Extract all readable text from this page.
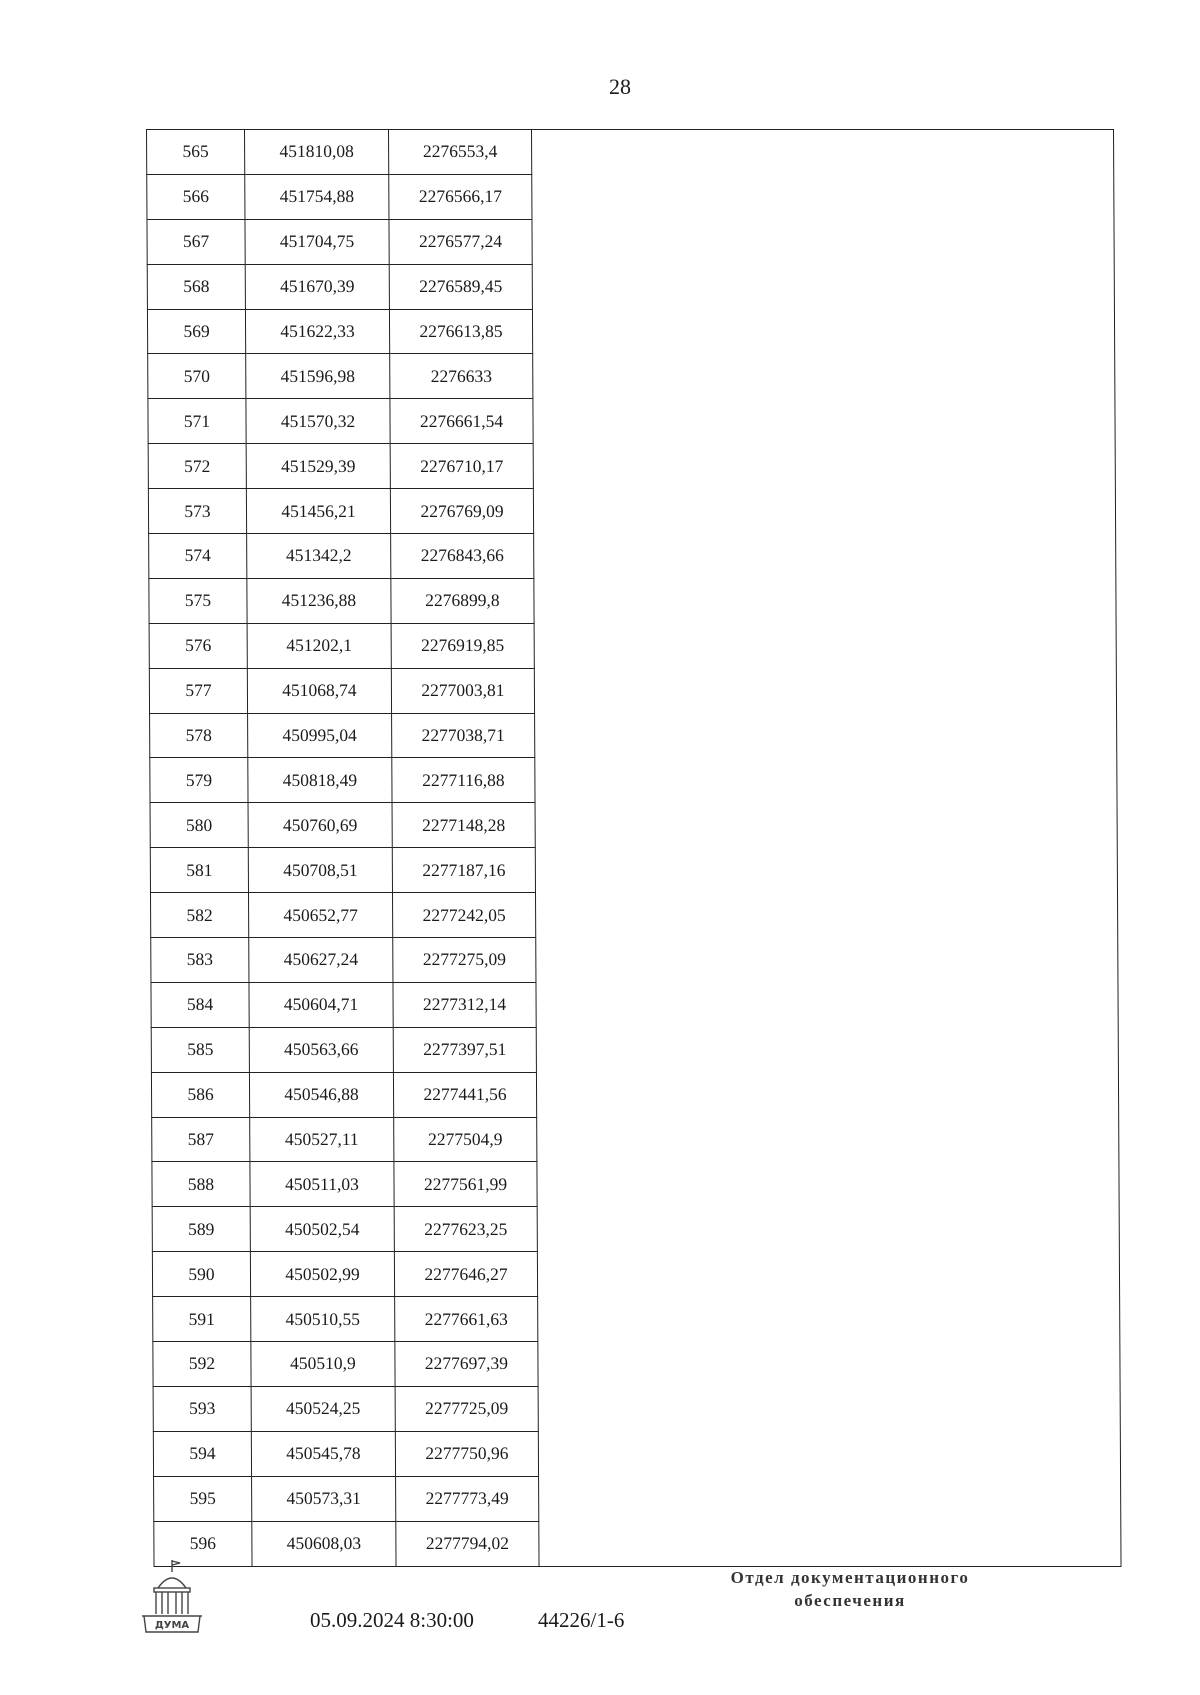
28
565	451810,08	2276553,4	
566	451754,88	2276566,17	
567	451704,75	2276577,24	
568	451670,39	2276589,45	
569	451622,33	2276613,85	
570	451596,98	2276633	
571	451570,32	2276661,54	
572	451529,39	2276710,17	
573	451456,21	2276769,09	
574	451342,2	2276843,66	
575	451236,88	2276899,8	
576	451202,1	2276919,85	
577	451068,74	2277003,81	
578	450995,04	2277038,71	
579	450818,49	2277116,88	
580	450760,69	2277148,28	
581	450708,51	2277187,16	
582	450652,77	2277242,05	
583	450627,24	2277275,09	
584	450604,71	2277312,14	
585	450563,66	2277397,51	
586	450546,88	2277441,56	
587	450527,11	2277504,9	
588	450511,03	2277561,99	
589	450502,54	2277623,25	
590	450502,99	2277646,27	
591	450510,55	2277661,63	
592	450510,9	2277697,39	
593	450524,25	2277725,09	
594	450545,78	2277750,96	
595	450573,31	2277773,49	
596	450608,03	2277794,02	
ДУМА	05.09.2024 8:30:00	44226/1-6
Отдел документационного
обеспечения
